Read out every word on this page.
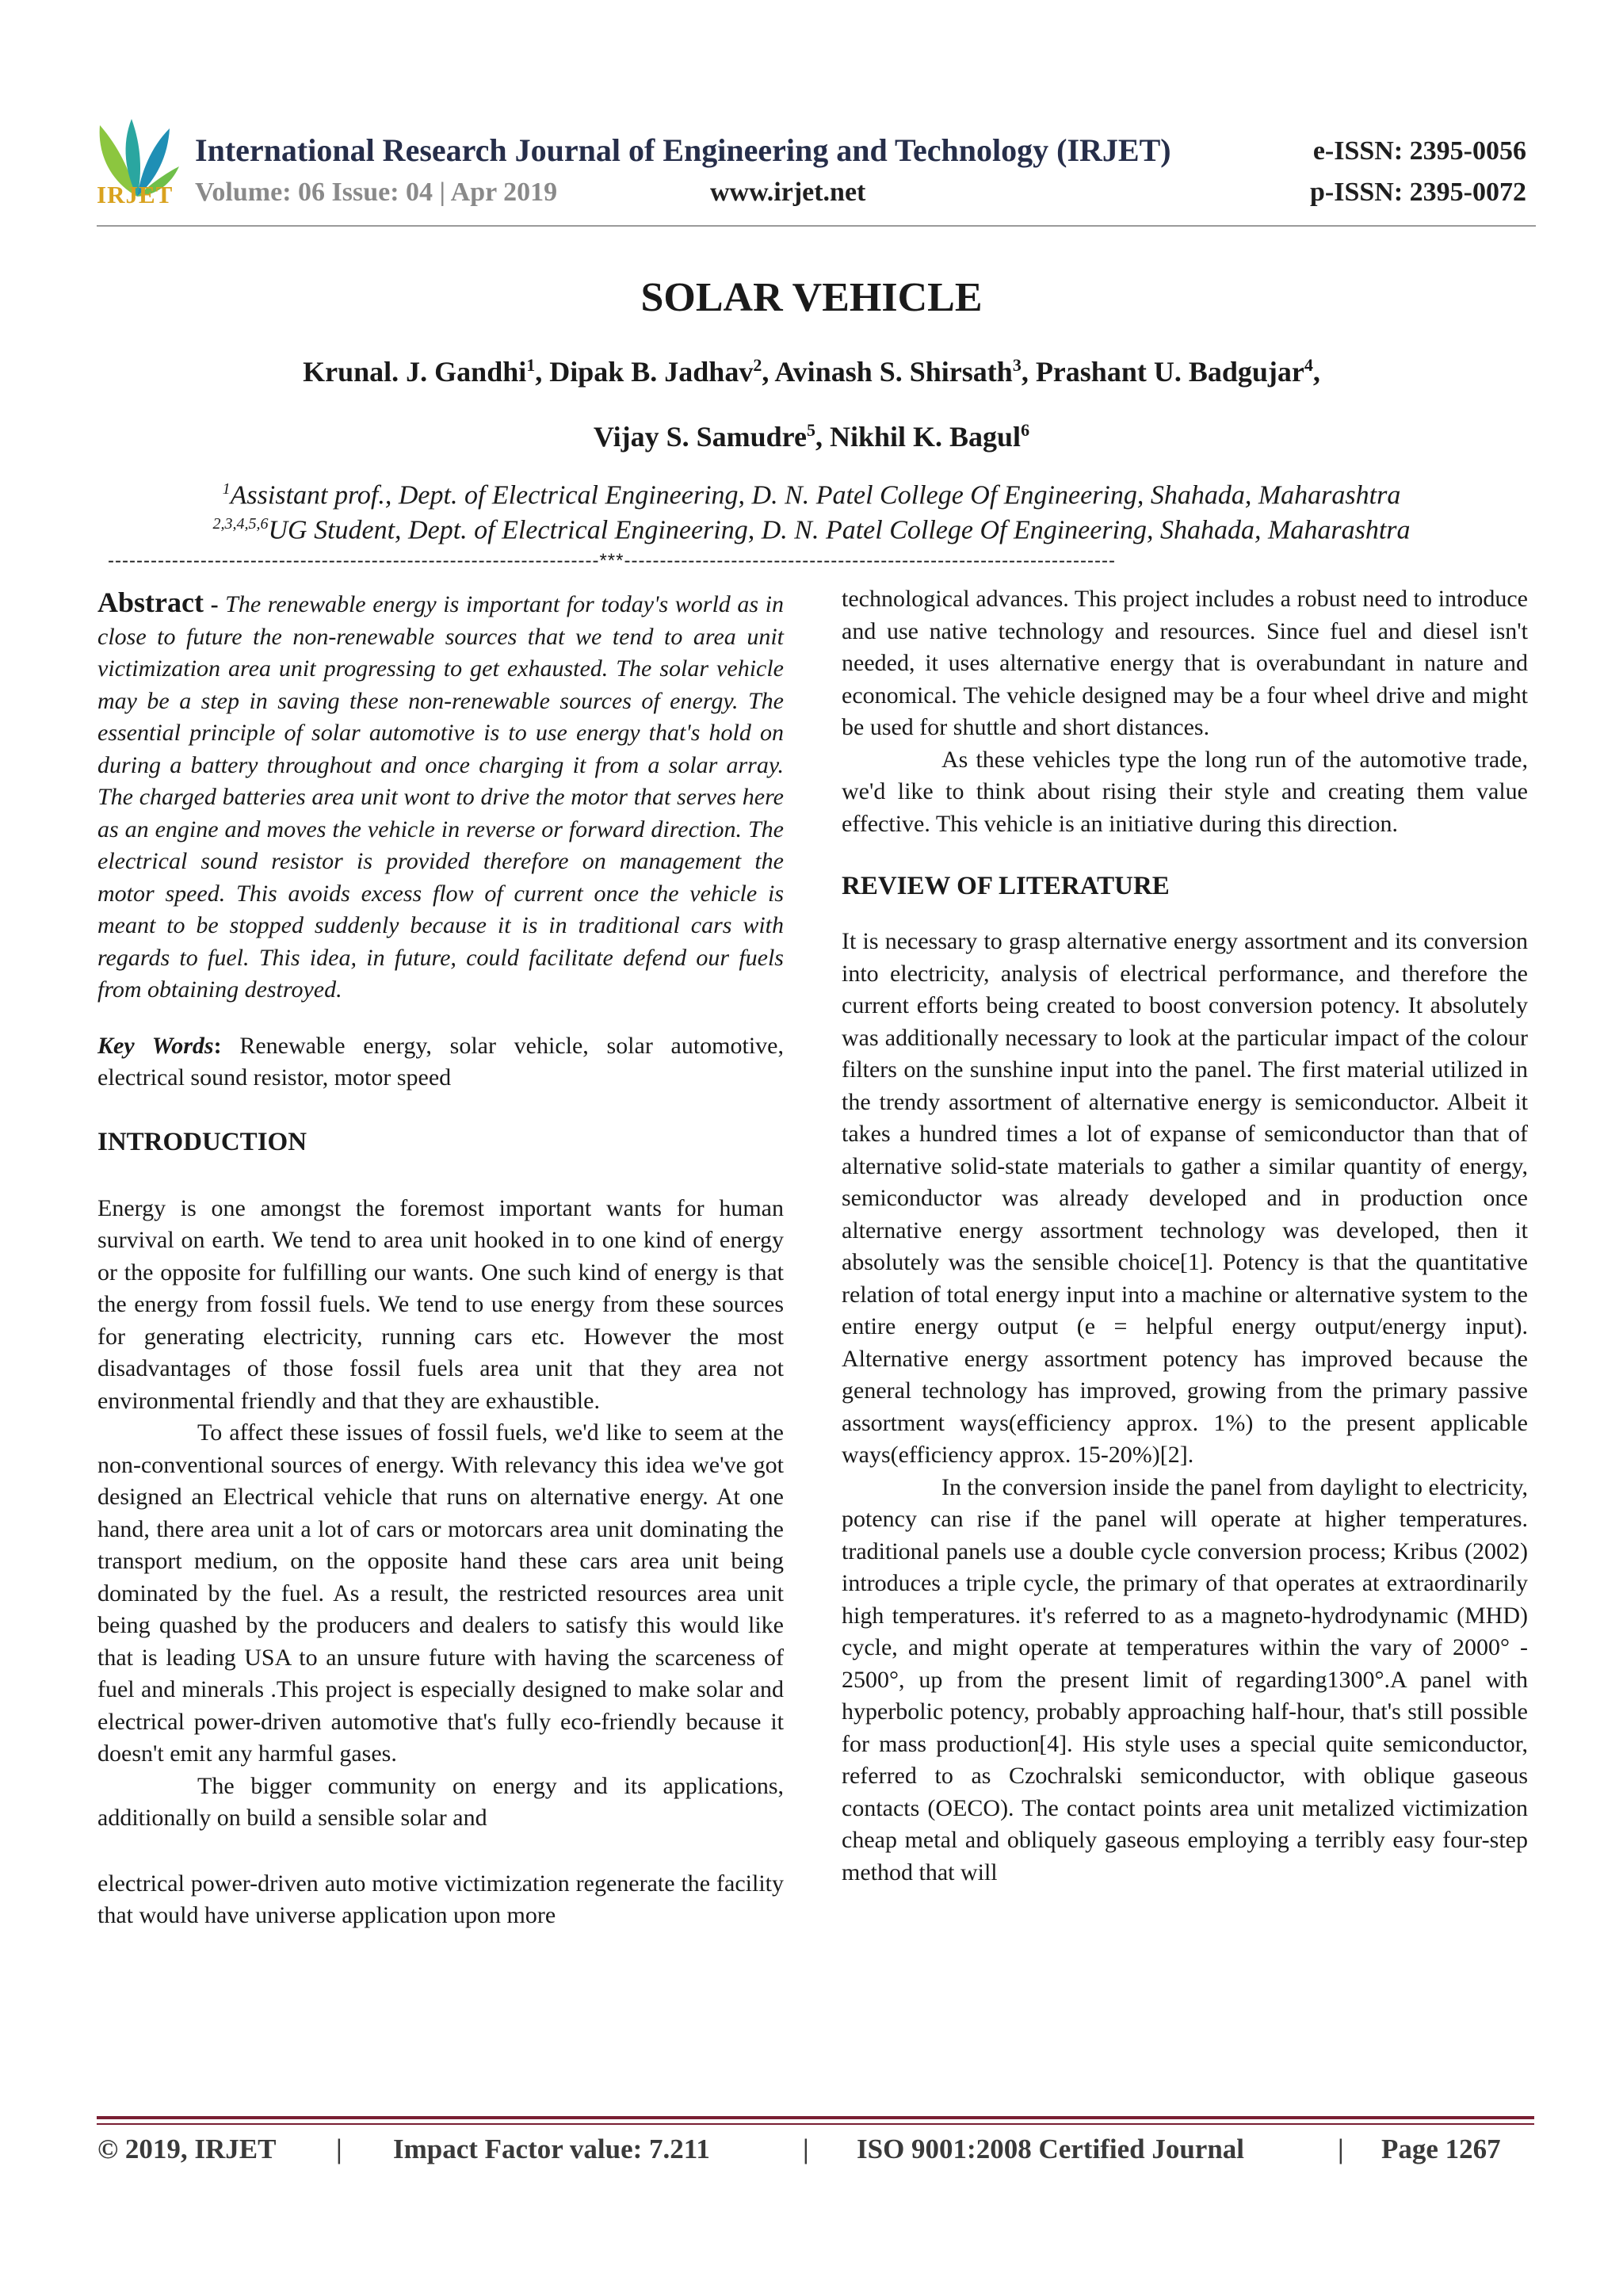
IRJET
International Research Journal of Engineering and Technology (IRJET)	e-ISSN: 2395-0056
Volume: 06 Issue: 04 | Apr 2019	www.irjet.net	p-ISSN: 2395-0072
SOLAR VEHICLE
Krunal. J. Gandhi$^1$, Dipak B. Jadhav$^2$, Avinash S. Shirsath$^3$, Prashant U. Badgujar$^4$,
Vijay S. Samudre$^5$, Nikhil K. Bagul$^6$
$^1$Assistant prof., Dept. of Electrical Engineering, D. N. Patel College Of Engineering, Shahada, Maharashtra
$^{2,3,4,5,6}$UG Student, Dept. of Electrical Engineering, D. N. Patel College Of Engineering, Shahada, Maharashtra
---------------------------------------------------------------------***---------------------------------------------------------------------

Abstract - The renewable energy is important for today's world as in close to future the non-renewable sources that we tend to area unit victimization area unit progressing to get exhausted. The solar vehicle may be a step in saving these non-renewable sources of energy. The essential principle of solar automotive is to use energy that's hold on during a battery throughout and once charging it from a solar array. The charged batteries area unit wont to drive the motor that serves here as an engine and moves the vehicle in reverse or forward direction. The electrical sound resistor is provided therefore on management the motor speed. This avoids excess flow of current once the vehicle is meant to be stopped suddenly because it is in traditional cars with regards to fuel. This idea, in future, could facilitate defend our fuels from obtaining destroyed.

Key Words: Renewable energy, solar vehicle, solar automotive, electrical sound resistor, motor speed

INTRODUCTION

Energy is one amongst the foremost important wants for human survival on earth. We tend to area unit hooked in to one kind of energy or the opposite for fulfilling our wants. One such kind of energy is that the energy from fossil fuels. We tend to use energy from these sources for generating electricity, running cars etc. However the most disadvantages of those fossil fuels area unit that they area not environmental friendly and that they are exhaustible.

To affect these issues of fossil fuels, we'd like to seem at the non-conventional sources of energy. With relevancy this idea we've got designed an Electrical vehicle that runs on alternative energy. At one hand, there area unit a lot of cars or motorcars area unit dominating the transport medium, on the opposite hand these cars area unit being dominated by the fuel. As a result, the restricted resources area unit being quashed by the producers and dealers to satisfy this would like that is leading USA to an unsure future with having the scarceness of fuel and minerals .This project is especially designed to make solar and electrical power-driven automotive that's fully eco-friendly because it doesn't emit any harmful gases.

The bigger community on energy and its applications, additionally on build a sensible solar and

electrical power-driven auto motive victimization regenerate the facility that would have universe application upon more

technological advances. This project includes a robust need to introduce and use native technology and resources. Since fuel and diesel isn't needed, it uses alternative energy that is overabundant in nature and economical. The vehicle designed may be a four wheel drive and might be used for shuttle and short distances.

As these vehicles type the long run of the automotive trade, we'd like to think about rising their style and creating them value effective. This vehicle is an initiative during this direction.

REVIEW OF LITERATURE

It is necessary to grasp alternative energy assortment and its conversion into electricity, analysis of electrical performance, and therefore the current efforts being created to boost conversion potency. It absolutely was additionally necessary to look at the particular impact of the colour filters on the sunshine input into the panel. The first material utilized in the trendy assortment of alternative energy is semiconductor. Albeit it takes a hundred times a lot of expanse of semiconductor than that of alternative solid-state materials to gather a similar quantity of energy, semiconductor was already developed and in production once alternative energy assortment technology was developed, then it absolutely was the sensible choice[1]. Potency is that the quantitative relation of total energy input into a machine or alternative system to the entire energy output (e = helpful energy output/energy input). Alternative energy assortment potency has improved because the general technology has improved, growing from the primary passive assortment ways(efficiency approx. 1%) to the present applicable ways(efficiency approx. 15-20%)[2].

In the conversion inside the panel from daylight to electricity, potency can rise if the panel will operate at higher temperatures. traditional panels use a double cycle conversion process; Kribus (2002) introduces a triple cycle, the primary of that operates at extraordinarily high temperatures. it's referred to as a magneto-hydrodynamic (MHD) cycle, and might operate at temperatures within the vary of 2000° - 2500°, up from the present limit of regarding1300°.A panel with hyperbolic potency, probably approaching half-hour, that's still possible for mass production[4]. His style uses a special quite semiconductor, referred to as Czochralski semiconductor, with oblique gaseous contacts (OECO). The contact points area unit metalized victimization cheap metal and obliquely gaseous employing a terribly easy four-step method that will

© 2019, IRJET | Impact Factor value: 7.211	| ISO 9001:2008 Certified Journal	| Page 1267
